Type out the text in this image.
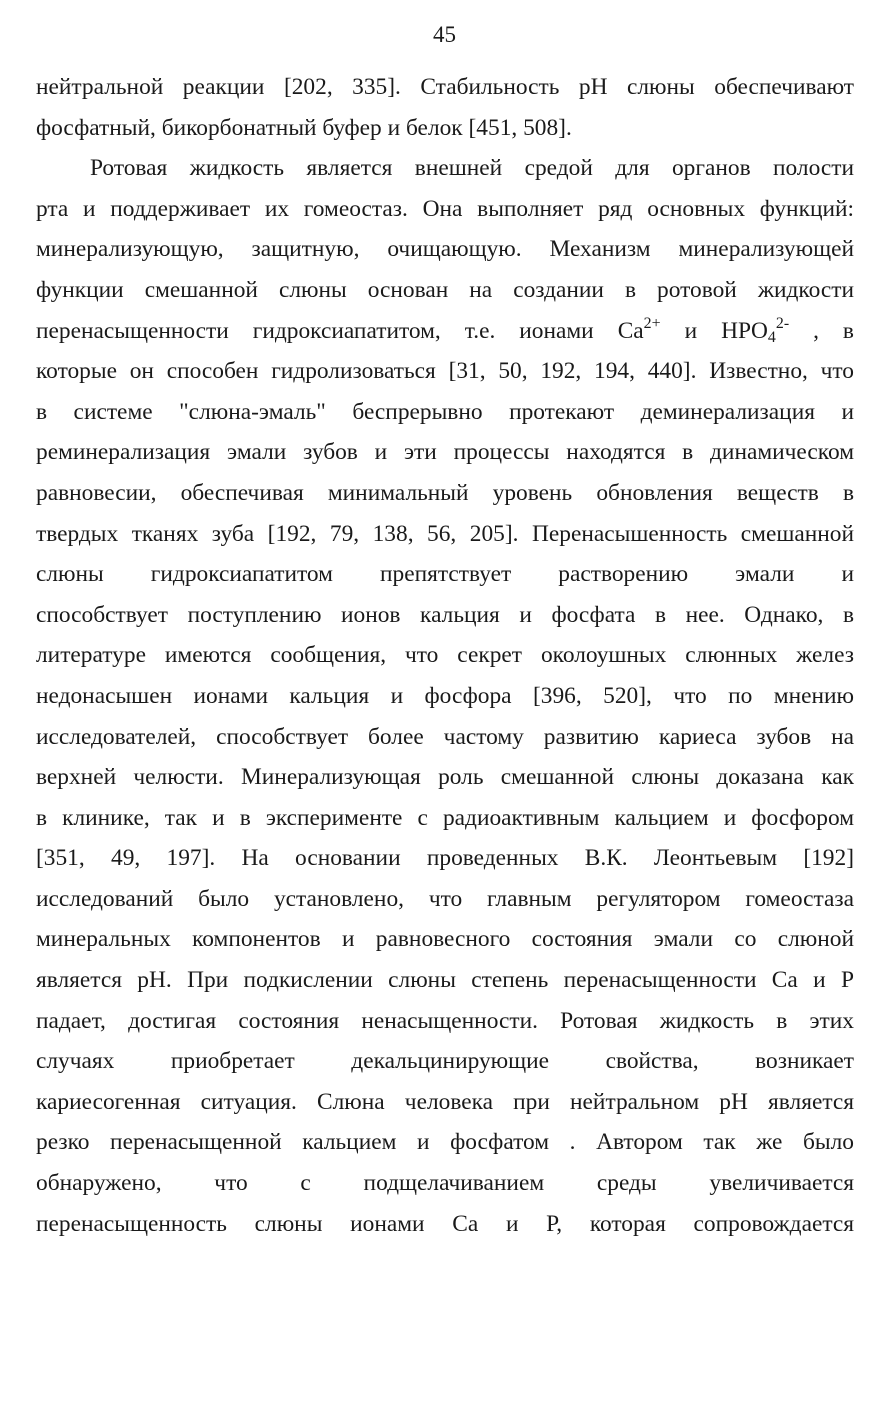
45
нейтральной реакции [202, 335]. Стабильность рН слюны обеспечивают
фосфатный, бикорбонатный буфер и белок [451, 508].
Ротовая жидкость является внешней средой для органов полости
рта и поддерживает их гомеостаз. Она выполняет ряд основных функций:
минерализующую, защитную, очищающую. Механизм минерализующей
функции смешанной слюны основан на создании в ротовой жидкости
перенасыщенности гидроксиапатитом, т.е. ионами $Са^{2+}$ и $HPO_4^{2-}$ , в
которые он способен гидролизоваться [31, 50, 192, 194, 440]. Известно, что
в системе "слюна-эмаль" беспрерывно протекают деминерализация и
реминерализация эмали зубов и эти процессы находятся в динамическом
равновесии, обеспечивая минимальный уровень обновления веществ в
твердых тканях зуба [192, 79, 138, 56, 205]. Перенасышенность смешанной
слюны гидроксиапатитом препятствует растворению эмали и
способствует поступлению ионов кальция и фосфата в нее. Однако, в
литературе имеются сообщения, что секрет околоушных слюнных желез
недонасышен ионами кальция и фосфора [396, 520], что по мнению
исследователей, способствует более частому развитию кариеса зубов на
верхней челюсти. Минерализующая роль смешанной слюны доказана как
в клинике, так и в эксперименте с радиоактивным кальцием и фосфором
[351, 49, 197]. На основании проведенных В.К. Леонтьевым [192]
исследований было установлено, что главным регулятором гомеостаза
минеральных компонентов и равновесного состояния эмали со слюной
является рН. При подкислении слюны степень перенасыщенности Са и Р
падает, достигая состояния ненасыщенности. Ротовая жидкость в этих
случаях приобретает декальцинирующие свойства, возникает
кариесогенная ситуация. Слюна человека при нейтральном рН является
резко перенасыщенной кальцием и фосфатом . Автором так же было
обнаружено, что с подщелачиванием среды увеличивается
перенасыщенность слюны ионами Са и Р, которая сопровождается
